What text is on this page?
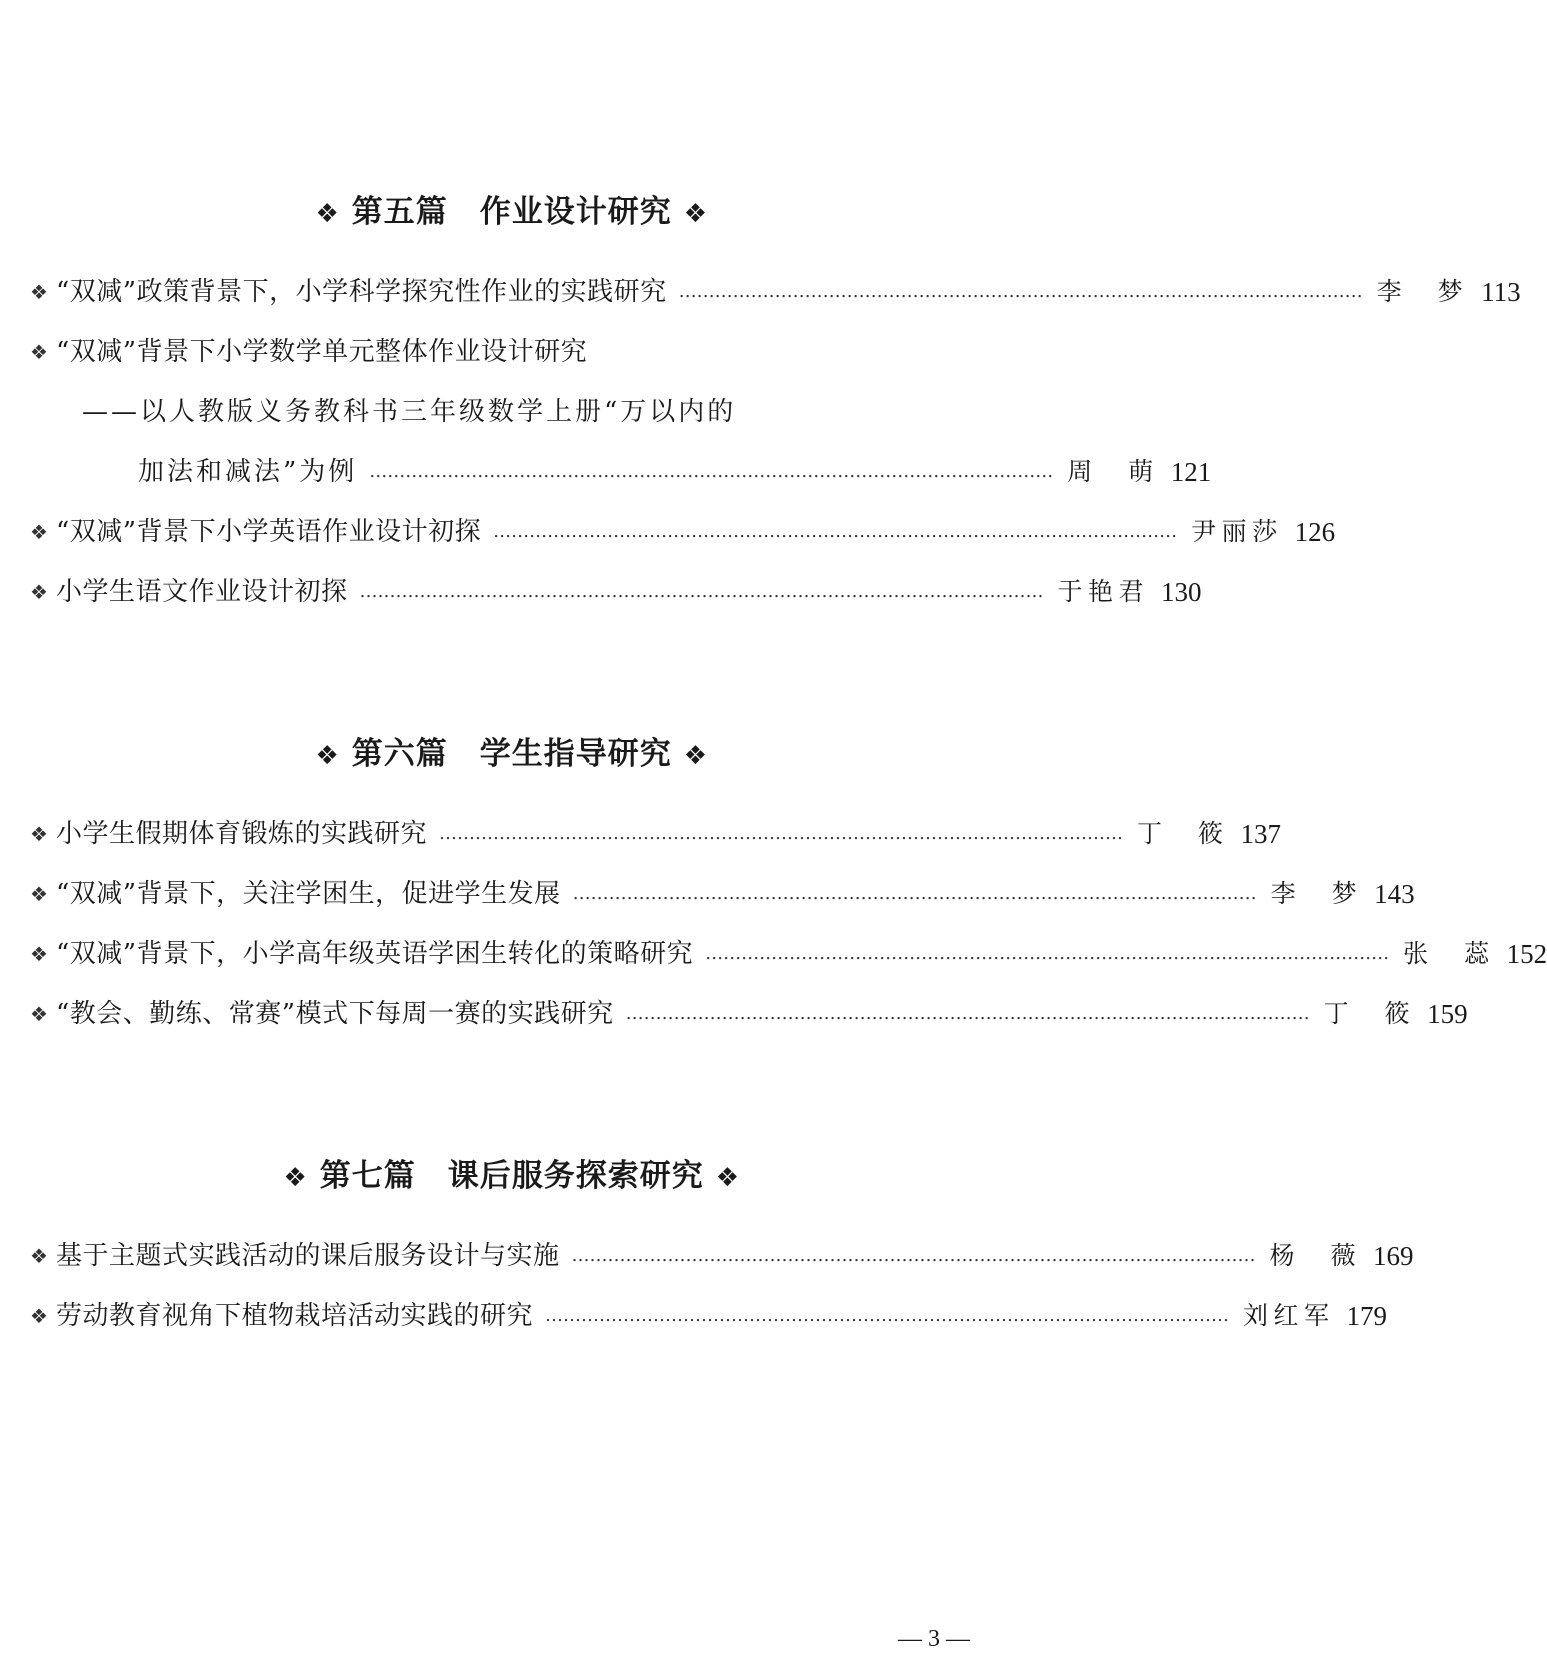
❖ 第五篇　作业设计研究 ❖

❖ “双减”政策背景下，小学科学探究性作业的实践研究 …………………………………………………………………………………………………… 李　梦 113
❖ “双减”背景下小学数学单元整体作业设计研究
——以人教版义务教科书三年级数学上册“万以内的
加法和减法”为例 …………………………………………………………………………………………………… 周　萌 121
❖ “双减”背景下小学英语作业设计初探 …………………………………………………………………………………………………… 尹丽莎 126
❖ 小学生语文作业设计初探 …………………………………………………………………………………………………… 于艳君 130

❖ 第六篇　学生指导研究 ❖

❖ 小学生假期体育锻炼的实践研究 …………………………………………………………………………………………………… 丁　筱 137
❖ “双减”背景下，关注学困生，促进学生发展 …………………………………………………………………………………………………… 李　梦 143
❖ “双减”背景下，小学高年级英语学困生转化的策略研究 …………………………………………………………………………………………………… 张　蕊 152
❖ “教会、勤练、常赛”模式下每周一赛的实践研究 …………………………………………………………………………………………………… 丁　筱 159

❖ 第七篇　课后服务探索研究 ❖

❖ 基于主题式实践活动的课后服务设计与实施 …………………………………………………………………………………………………… 杨　薇 169
❖ 劳动教育视角下植物栽培活动实践的研究 …………………………………………………………………………………………………… 刘红军 179
— 3 —
